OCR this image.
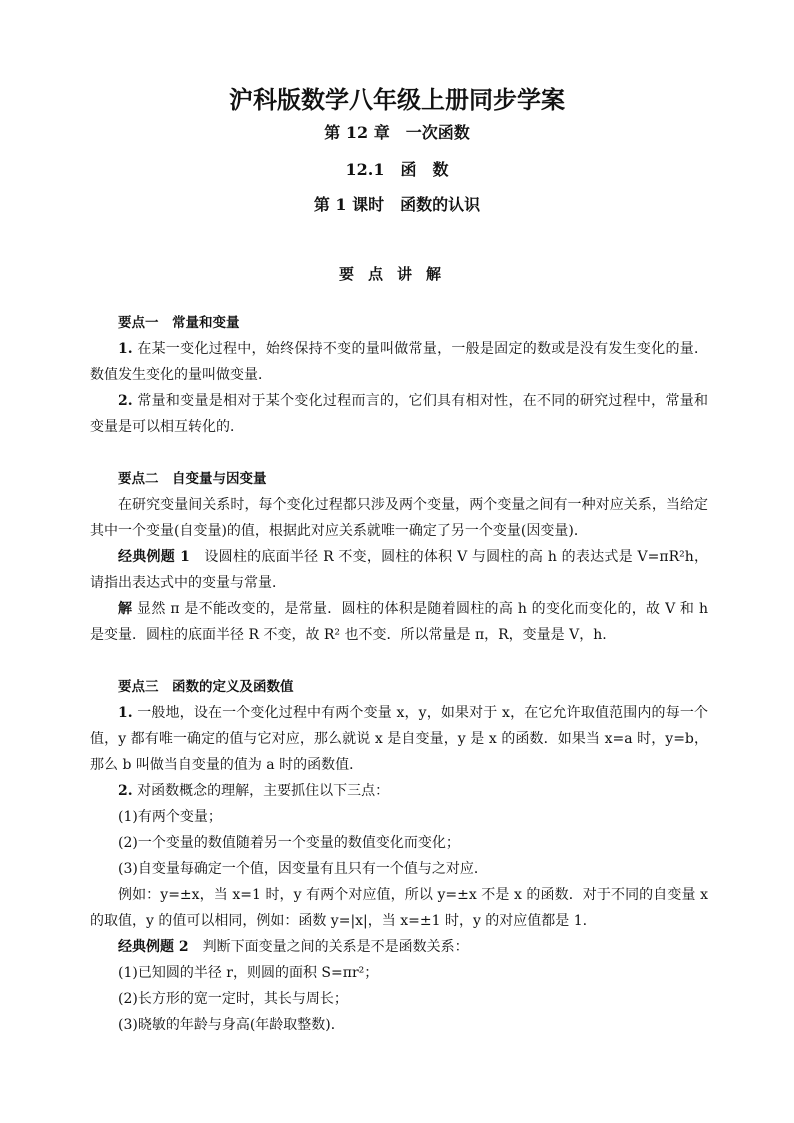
沪科版数学八年级上册同步学案
第 12 章　一次函数
12.1　函　数
第 1 课时　函数的认识
要点讲解

要点一　常量和变量

1. 在某一变化过程中，始终保持不变的量叫做常量，一般是固定的数或是没有发生变化的量．数值发生变化的量叫做变量．

2. 常量和变量是相对于某个变化过程而言的，它们具有相对性，在不同的研究过程中，常量和变量是可以相互转化的．

要点二　自变量与因变量

在研究变量间关系时，每个变化过程都只涉及两个变量，两个变量之间有一种对应关系，当给定其中一个变量(自变量)的值，根据此对应关系就唯一确定了另一个变量(因变量)．

经典例题 1　设圆柱的底面半径 R 不变，圆柱的体积 V 与圆柱的高 h 的表达式是 V=πR²h，请指出表达式中的变量与常量．

解 显然 π 是不能改变的，是常量．圆柱的体积是随着圆柱的高 h 的变化而变化的，故 V 和 h 是变量．圆柱的底面半径 R 不变，故 R² 也不变．所以常量是 π，R，变量是 V，h.

要点三　函数的定义及函数值

1. 一般地，设在一个变化过程中有两个变量 x，y，如果对于 x，在它允许取值范围内的每一个值，y 都有唯一确定的值与它对应，那么就说 x 是自变量，y 是 x 的函数．如果当 x=a 时，y=b，那么 b 叫做当自变量的值为 a 时的函数值．

2. 对函数概念的理解，主要抓住以下三点：

(1)有两个变量；

(2)一个变量的数值随着另一个变量的数值变化而变化；

(3)自变量每确定一个值，因变量有且只有一个值与之对应．

例如：y=±x，当 x=1 时，y 有两个对应值，所以 y=±x 不是 x 的函数．对于不同的自变量 x 的取值，y 的值可以相同，例如：函数 y=|x|，当 x=±1 时，y 的对应值都是 1.

经典例题 2　判断下面变量之间的关系是不是函数关系：

(1)已知圆的半径 r，则圆的面积 S=πr²；

(2)长方形的宽一定时，其长与周长；

(3)晓敏的年龄与身高(年龄取整数)．
